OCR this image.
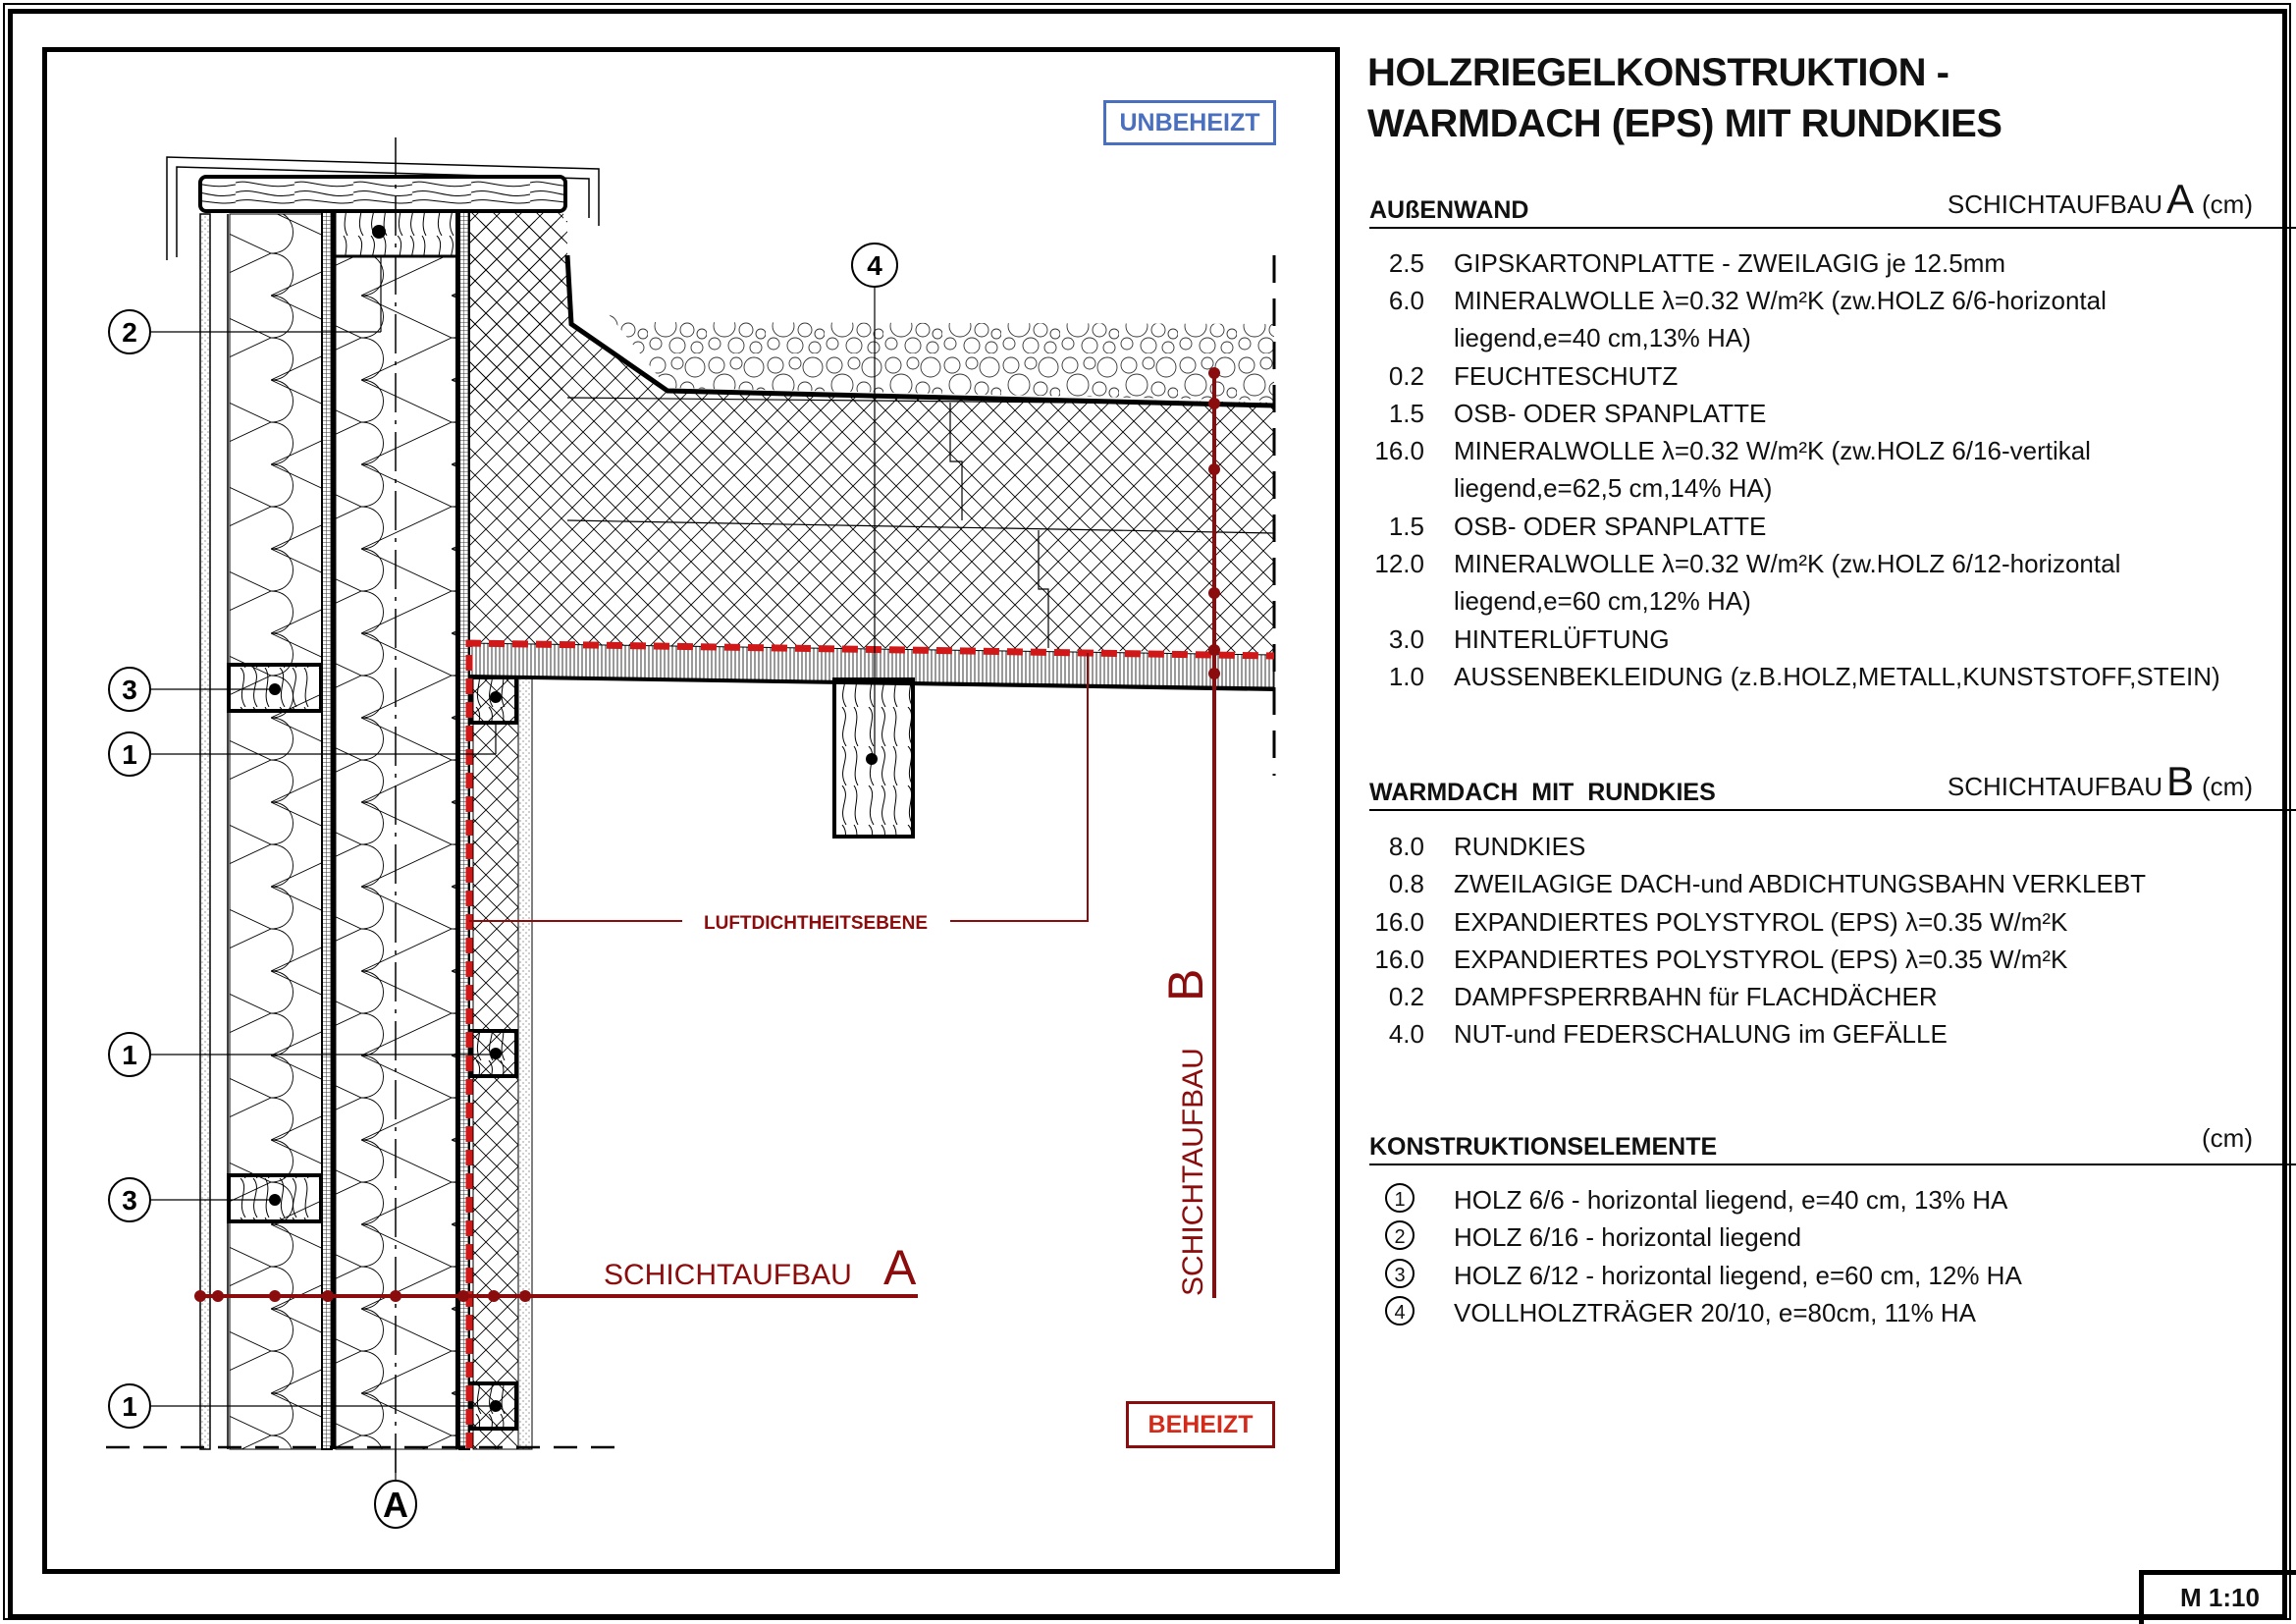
LUFTDICHTHEITSEBENE
SCHICHTAUFBAU A	SCHICHTAUFBAU
B
2
3
1
1
3
1
4
A
UNBEHEIZT
BEHEIZT
HOLZRIEGELKONSTRUKTION -
WARMDACH (EPS) MIT RUNDKIES
AUßENWAND	SCHICHTAUFBAUA (cm)
2.5 GIPSKARTONPLATTE - ZWEILAGIG je 12.5mm
6.0 MINERALWOLLE λ=0.32 W/m²K (zw.HOLZ 6/6-horizontal
liegend,e=40 cm,13% HA)
0.2 FEUCHTESCHUTZ
1.5 OSB- ODER SPANPLATTE
16.0 MINERALWOLLE λ=0.32 W/m²K (zw.HOLZ 6/16-vertikal
liegend,e=62,5 cm,14% HA)
1.5 OSB- ODER SPANPLATTE
12.0 MINERALWOLLE λ=0.32 W/m²K (zw.HOLZ 6/12-horizontal
liegend,e=60 cm,12% HA)
3.0 HINTERLÜFTUNG
1.0 AUSSENBEKLEIDUNG (z.B.HOLZ,METALL,KUNSTSTOFF,STEIN)
WARMDACH  MIT  RUNDKIES	SCHICHTAUFBAUB (cm)
8.0 RUNDKIES
0.8 ZWEILAGIGE DACH-und ABDICHTUNGSBAHN VERKLEBT
16.0 EXPANDIERTES POLYSTYROL (EPS) λ=0.35 W/m²K
16.0 EXPANDIERTES POLYSTYROL (EPS) λ=0.35 W/m²K
0.2 DAMPFSPERRBAHN für FLACHDÄCHER
4.0 NUT-und FEDERSCHALUNG im GEFÄLLE
KONSTRUKTIONSELEMENTE	(cm)
1	HOLZ 6/6 - horizontal liegend, e=40 cm, 13% HA
2	HOLZ 6/16 - horizontal liegend
3	HOLZ 6/12 - horizontal liegend, e=60 cm, 12% HA
4	VOLLHOLZTRÄGER 20/10, e=80cm, 11% HA
M 1:10
